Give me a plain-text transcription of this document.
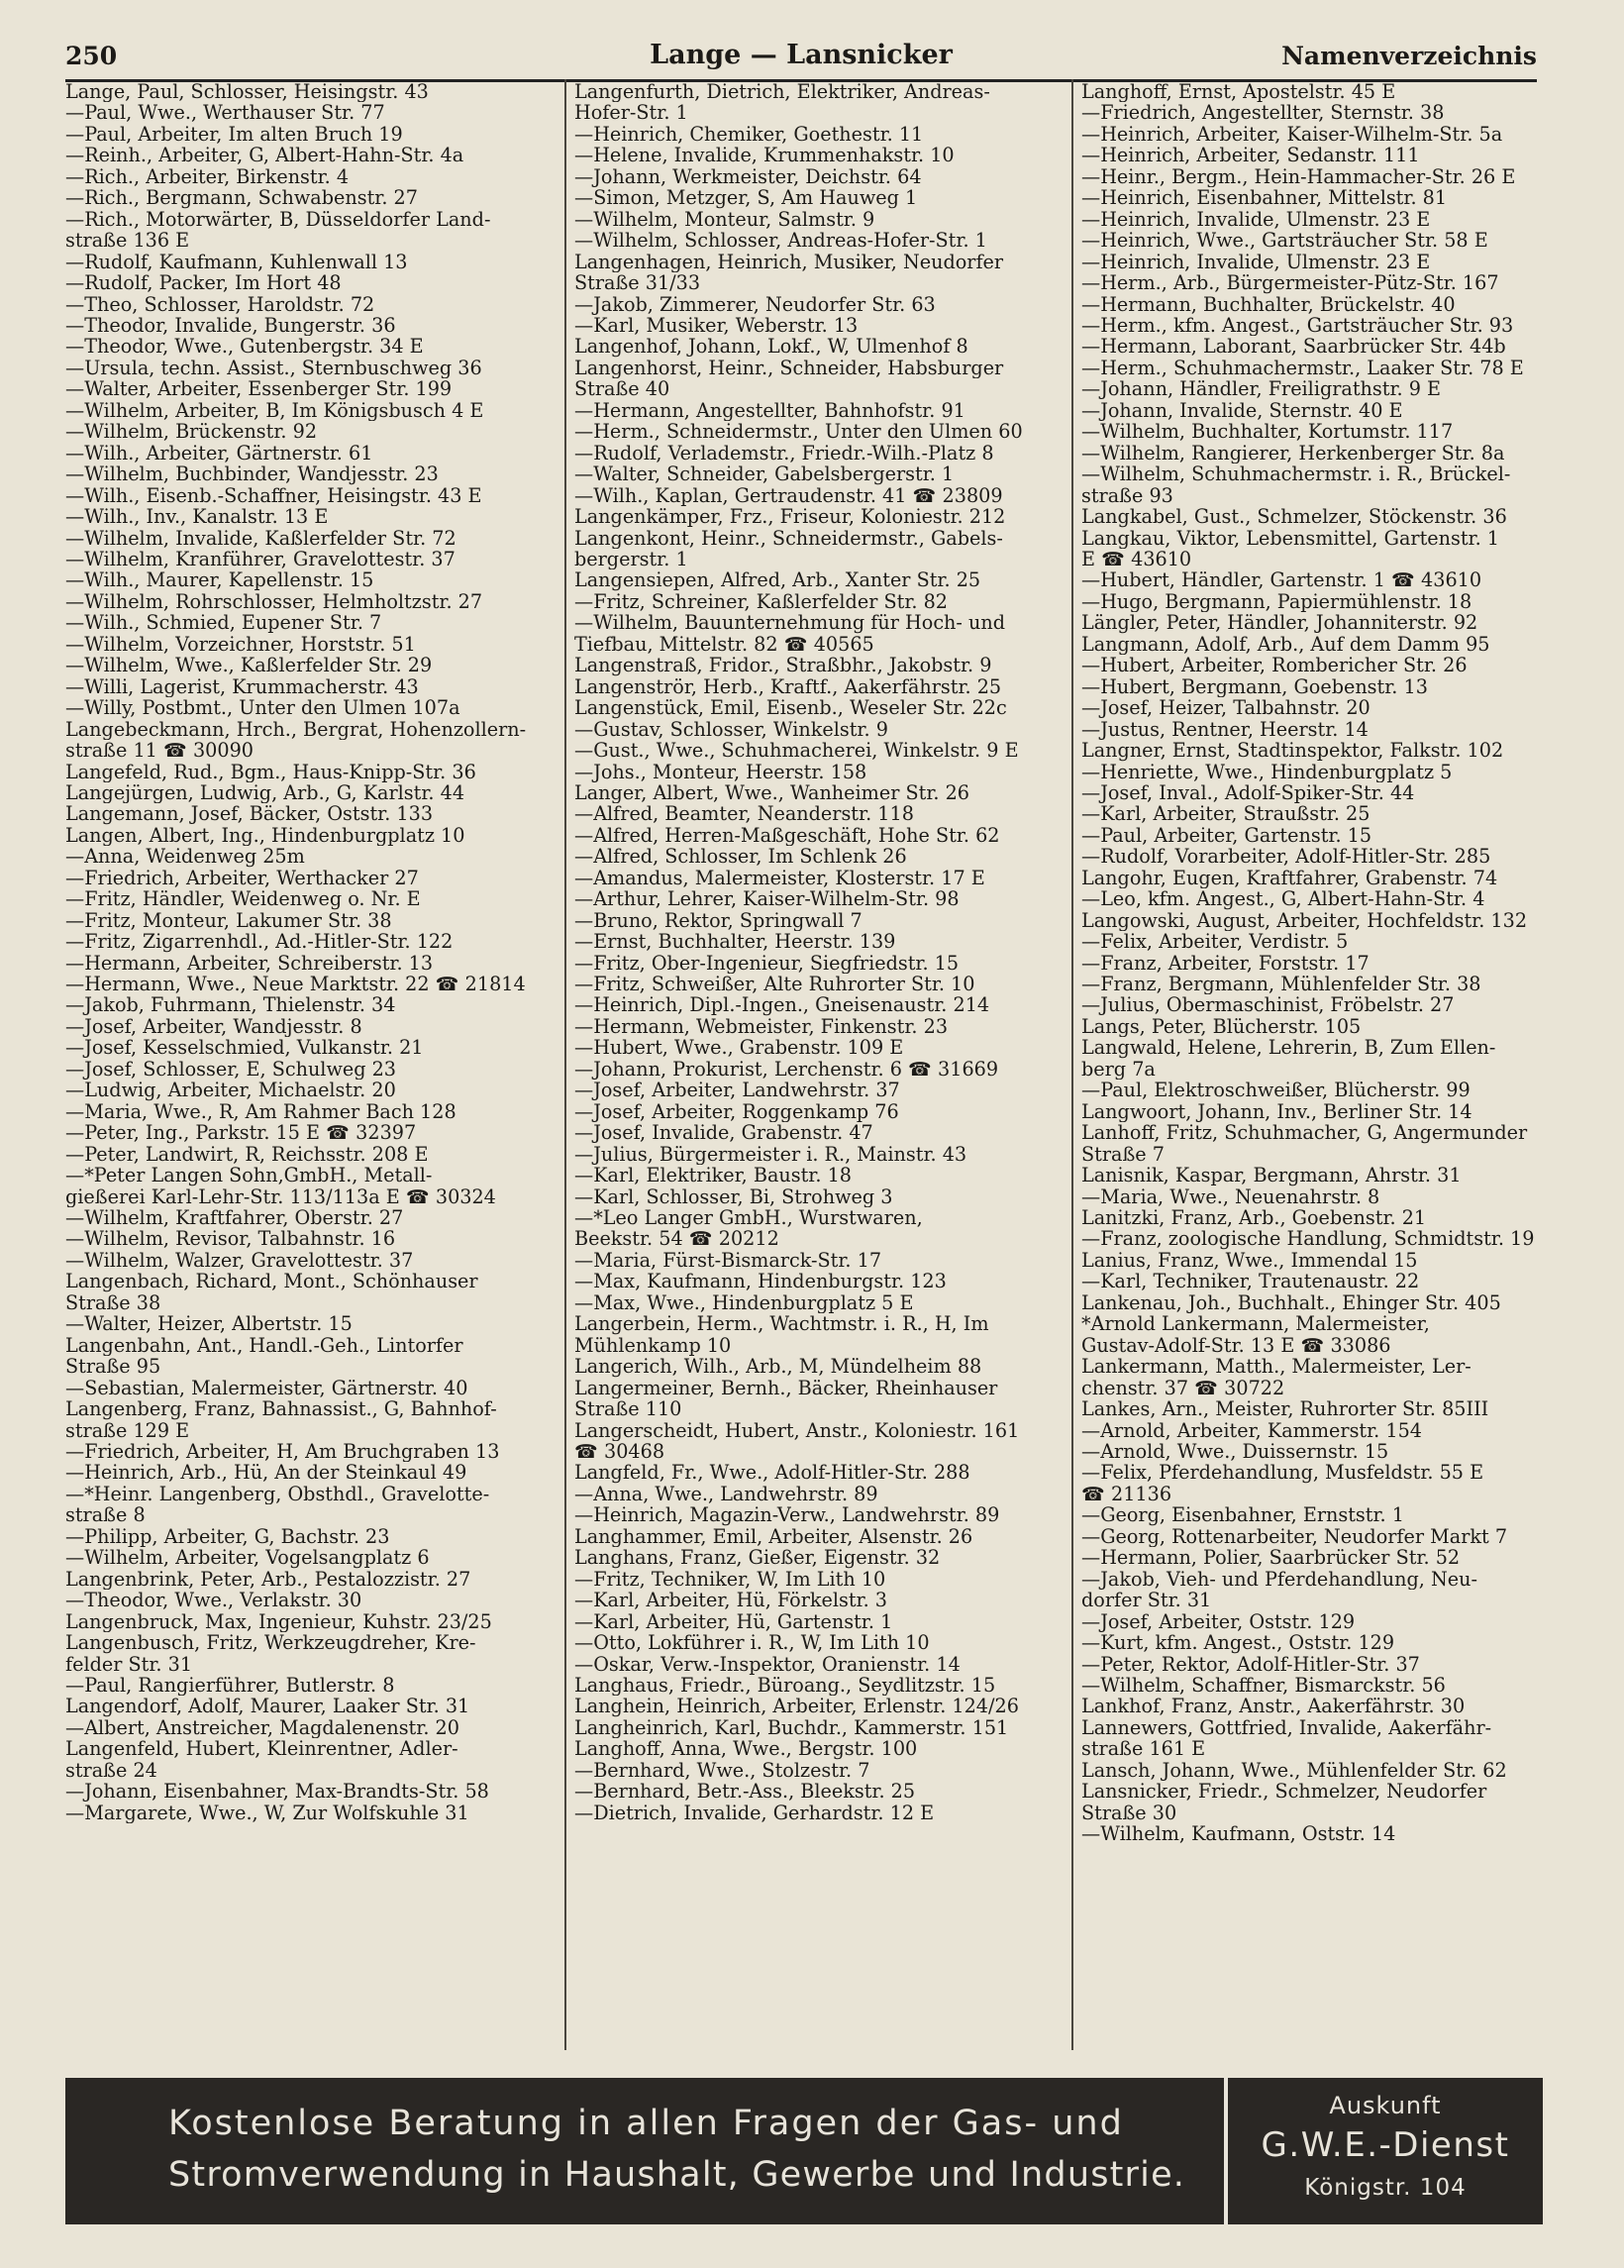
250	Lange — Lansnicker	Namenverzeichnis
Lange, Paul, Schlosser, Heisingstr. 43
—Paul, Wwe., Werthauser Str. 77
—Paul, Arbeiter, Im alten Bruch 19
—Reinh., Arbeiter, G, Albert-Hahn-Str. 4a
—Rich., Arbeiter, Birkenstr. 4
—Rich., Bergmann, Schwabenstr. 27
—Rich., Motorwärter, B, Düsseldorfer Land-
straße 136 E
—Rudolf, Kaufmann, Kuhlenwall 13
—Rudolf, Packer, Im Hort 48
—Theo, Schlosser, Haroldstr. 72
—Theodor, Invalide, Bungerstr. 36
—Theodor, Wwe., Gutenbergstr. 34 E
—Ursula, techn. Assist., Sternbuschweg 36
—Walter, Arbeiter, Essenberger Str. 199
—Wilhelm, Arbeiter, B, Im Königsbusch 4 E
—Wilhelm, Brückenstr. 92
—Wilh., Arbeiter, Gärtnerstr. 61
—Wilhelm, Buchbinder, Wandjesstr. 23
—Wilh., Eisenb.-Schaffner, Heisingstr. 43 E
—Wilh., Inv., Kanalstr. 13 E
—Wilhelm, Invalide, Kaßlerfelder Str. 72
—Wilhelm, Kranführer, Gravelottestr. 37
—Wilh., Maurer, Kapellenstr. 15
—Wilhelm, Rohrschlosser, Helmholtzstr. 27
—Wilh., Schmied, Eupener Str. 7
—Wilhelm, Vorzeichner, Horststr. 51
—Wilhelm, Wwe., Kaßlerfelder Str. 29
—Willi, Lagerist, Krummacherstr. 43
—Willy, Postbmt., Unter den Ulmen 107a
Langebeckmann, Hrch., Bergrat, Hohenzollern-
straße 11 ☎ 30090
Langefeld, Rud., Bgm., Haus-Knipp-Str. 36
Langejürgen, Ludwig, Arb., G, Karlstr. 44
Langemann, Josef, Bäcker, Oststr. 133
Langen, Albert, Ing., Hindenburgplatz 10
—Anna, Weidenweg 25m
—Friedrich, Arbeiter, Werthacker 27
—Fritz, Händler, Weidenweg o. Nr. E
—Fritz, Monteur, Lakumer Str. 38
—Fritz, Zigarrenhdl., Ad.-Hitler-Str. 122
—Hermann, Arbeiter, Schreiberstr. 13
—Hermann, Wwe., Neue Marktstr. 22 ☎ 21814
—Jakob, Fuhrmann, Thielenstr. 34
—Josef, Arbeiter, Wandjesstr. 8
—Josef, Kesselschmied, Vulkanstr. 21
—Josef, Schlosser, E, Schulweg 23
—Ludwig, Arbeiter, Michaelstr. 20
—Maria, Wwe., R, Am Rahmer Bach 128
—Peter, Ing., Parkstr. 15 E ☎ 32397
—Peter, Landwirt, R, Reichsstr. 208 E
—*Peter Langen Sohn,GmbH., Metall-
gießerei Karl-Lehr-Str. 113/113a E ☎ 30324
—Wilhelm, Kraftfahrer, Oberstr. 27
—Wilhelm, Revisor, Talbahnstr. 16
—Wilhelm, Walzer, Gravelottestr. 37
Langenbach, Richard, Mont., Schönhauser
Straße 38
—Walter, Heizer, Albertstr. 15
Langenbahn, Ant., Handl.-Geh., Lintorfer
Straße 95
—Sebastian, Malermeister, Gärtnerstr. 40
Langenberg, Franz, Bahnassist., G, Bahnhof-
straße 129 E
—Friedrich, Arbeiter, H, Am Bruchgraben 13
—Heinrich, Arb., Hü, An der Steinkaul 49
—*Heinr. Langenberg, Obsthdl., Gravelotte-
straße 8
—Philipp, Arbeiter, G, Bachstr. 23
—Wilhelm, Arbeiter, Vogelsangplatz 6
Langenbrink, Peter, Arb., Pestalozzistr. 27
—Theodor, Wwe., Verlakstr. 30
Langenbruck, Max, Ingenieur, Kuhstr. 23/25
Langenbusch, Fritz, Werkzeugdreher, Kre-
felder Str. 31
—Paul, Rangierführer, Butlerstr. 8
Langendorf, Adolf, Maurer, Laaker Str. 31
—Albert, Anstreicher, Magdalenenstr. 20
Langenfeld, Hubert, Kleinrentner, Adler-
straße 24
—Johann, Eisenbahner, Max-Brandts-Str. 58
—Margarete, Wwe., W, Zur Wolfskuhle 31
Langenfurth, Dietrich, Elektriker, Andreas-
Hofer-Str. 1
—Heinrich, Chemiker, Goethestr. 11
—Helene, Invalide, Krummenhakstr. 10
—Johann, Werkmeister, Deichstr. 64
—Simon, Metzger, S, Am Hauweg 1
—Wilhelm, Monteur, Salmstr. 9
—Wilhelm, Schlosser, Andreas-Hofer-Str. 1
Langenhagen, Heinrich, Musiker, Neudorfer
Straße 31/33
—Jakob, Zimmerer, Neudorfer Str. 63
—Karl, Musiker, Weberstr. 13
Langenhof, Johann, Lokf., W, Ulmenhof 8
Langenhorst, Heinr., Schneider, Habsburger
Straße 40
—Hermann, Angestellter, Bahnhofstr. 91
—Herm., Schneidermstr., Unter den Ulmen 60
—Rudolf, Verlademstr., Friedr.-Wilh.-Platz 8
—Walter, Schneider, Gabelsbergerstr. 1
—Wilh., Kaplan, Gertraudenstr. 41 ☎ 23809
Langenkämper, Frz., Friseur, Koloniestr. 212
Langenkont, Heinr., Schneidermstr., Gabels-
bergerstr. 1
Langensiepen, Alfred, Arb., Xanter Str. 25
—Fritz, Schreiner, Kaßlerfelder Str. 82
—Wilhelm, Bauunternehmung für Hoch- und
Tiefbau, Mittelstr. 82 ☎ 40565
Langenstraß, Fridor., Straßbhr., Jakobstr. 9
Langenströr, Herb., Kraftf., Aakerfährstr. 25
Langenstück, Emil, Eisenb., Weseler Str. 22c
—Gustav, Schlosser, Winkelstr. 9
—Gust., Wwe., Schuhmacherei, Winkelstr. 9 E
—Johs., Monteur, Heerstr. 158
Langer, Albert, Wwe., Wanheimer Str. 26
—Alfred, Beamter, Neanderstr. 118
—Alfred, Herren-Maßgeschäft, Hohe Str. 62
—Alfred, Schlosser, Im Schlenk 26
—Amandus, Malermeister, Klosterstr. 17 E
—Arthur, Lehrer, Kaiser-Wilhelm-Str. 98
—Bruno, Rektor, Springwall 7
—Ernst, Buchhalter, Heerstr. 139
—Fritz, Ober-Ingenieur, Siegfriedstr. 15
—Fritz, Schweißer, Alte Ruhrorter Str. 10
—Heinrich, Dipl.-Ingen., Gneisenaustr. 214
—Hermann, Webmeister, Finkenstr. 23
—Hubert, Wwe., Grabenstr. 109 E
—Johann, Prokurist, Lerchenstr. 6 ☎ 31669
—Josef, Arbeiter, Landwehrstr. 37
—Josef, Arbeiter, Roggenkamp 76
—Josef, Invalide, Grabenstr. 47
—Julius, Bürgermeister i. R., Mainstr. 43
—Karl, Elektriker, Baustr. 18
—Karl, Schlosser, Bi, Strohweg 3
—*Leo Langer GmbH., Wurstwaren,
Beekstr. 54 ☎ 20212
—Maria, Fürst-Bismarck-Str. 17
—Max, Kaufmann, Hindenburgstr. 123
—Max, Wwe., Hindenburgplatz 5 E
Langerbein, Herm., Wachtmstr. i. R., H, Im
Mühlenkamp 10
Langerich, Wilh., Arb., M, Mündelheim 88
Langermeiner, Bernh., Bäcker, Rheinhauser
Straße 110
Langerscheidt, Hubert, Anstr., Koloniestr. 161
☎ 30468
Langfeld, Fr., Wwe., Adolf-Hitler-Str. 288
—Anna, Wwe., Landwehrstr. 89
—Heinrich, Magazin-Verw., Landwehrstr. 89
Langhammer, Emil, Arbeiter, Alsenstr. 26
Langhans, Franz, Gießer, Eigenstr. 32
—Fritz, Techniker, W, Im Lith 10
—Karl, Arbeiter, Hü, Förkelstr. 3
—Karl, Arbeiter, Hü, Gartenstr. 1
—Otto, Lokführer i. R., W, Im Lith 10
—Oskar, Verw.-Inspektor, Oranienstr. 14
Langhaus, Friedr., Büroang., Seydlitzstr. 15
Langhein, Heinrich, Arbeiter, Erlenstr. 124/26
Langheinrich, Karl, Buchdr., Kammerstr. 151
Langhoff, Anna, Wwe., Bergstr. 100
—Bernhard, Wwe., Stolzestr. 7
—Bernhard, Betr.-Ass., Bleekstr. 25
—Dietrich, Invalide, Gerhardstr. 12 E
Langhoff, Ernst, Apostelstr. 45 E
—Friedrich, Angestellter, Sternstr. 38
—Heinrich, Arbeiter, Kaiser-Wilhelm-Str. 5a
—Heinrich, Arbeiter, Sedanstr. 111
—Heinr., Bergm., Hein-Hammacher-Str. 26 E
—Heinrich, Eisenbahner, Mittelstr. 81
—Heinrich, Invalide, Ulmenstr. 23 E
—Heinrich, Wwe., Gartsträucher Str. 58 E
—Heinrich, Invalide, Ulmenstr. 23 E
—Herm., Arb., Bürgermeister-Pütz-Str. 167
—Hermann, Buchhalter, Brückelstr. 40
—Herm., kfm. Angest., Gartsträucher Str. 93
—Hermann, Laborant, Saarbrücker Str. 44b
—Herm., Schuhmachermstr., Laaker Str. 78 E
—Johann, Händler, Freiligrathstr. 9 E
—Johann, Invalide, Sternstr. 40 E
—Wilhelm, Buchhalter, Kortumstr. 117
—Wilhelm, Rangierer, Herkenberger Str. 8a
—Wilhelm, Schuhmachermstr. i. R., Brückel-
straße 93
Langkabel, Gust., Schmelzer, Stöckenstr. 36
Langkau, Viktor, Lebensmittel, Gartenstr. 1
E ☎ 43610
—Hubert, Händler, Gartenstr. 1 ☎ 43610
—Hugo, Bergmann, Papiermühlenstr. 18
Längler, Peter, Händler, Johanniterstr. 92
Langmann, Adolf, Arb., Auf dem Damm 95
—Hubert, Arbeiter, Rombericher Str. 26
—Hubert, Bergmann, Goebenstr. 13
—Josef, Heizer, Talbahnstr. 20
—Justus, Rentner, Heerstr. 14
Langner, Ernst, Stadtinspektor, Falkstr. 102
—Henriette, Wwe., Hindenburgplatz 5
—Josef, Inval., Adolf-Spiker-Str. 44
—Karl, Arbeiter, Straußstr. 25
—Paul, Arbeiter, Gartenstr. 15
—Rudolf, Vorarbeiter, Adolf-Hitler-Str. 285
Langohr, Eugen, Kraftfahrer, Grabenstr. 74
—Leo, kfm. Angest., G, Albert-Hahn-Str. 4
Langowski, August, Arbeiter, Hochfeldstr. 132
—Felix, Arbeiter, Verdistr. 5
—Franz, Arbeiter, Forststr. 17
—Franz, Bergmann, Mühlenfelder Str. 38
—Julius, Obermaschinist, Fröbelstr. 27
Langs, Peter, Blücherstr. 105
Langwald, Helene, Lehrerin, B, Zum Ellen-
berg 7a
—Paul, Elektroschweißer, Blücherstr. 99
Langwoort, Johann, Inv., Berliner Str. 14
Lanhoff, Fritz, Schuhmacher, G, Angermunder
Straße 7
Lanisnik, Kaspar, Bergmann, Ahrstr. 31
—Maria, Wwe., Neuenahrstr. 8
Lanitzki, Franz, Arb., Goebenstr. 21
—Franz, zoologische Handlung, Schmidtstr. 19
Lanius, Franz, Wwe., Immendal 15
—Karl, Techniker, Trautenaustr. 22
Lankenau, Joh., Buchhalt., Ehinger Str. 405
*Arnold Lankermann, Malermeister,
Gustav-Adolf-Str. 13 E ☎ 33086
Lankermann, Matth., Malermeister, Ler-
chenstr. 37 ☎ 30722
Lankes, Arn., Meister, Ruhrorter Str. 85III
—Arnold, Arbeiter, Kammerstr. 154
—Arnold, Wwe., Duissernstr. 15
—Felix, Pferdehandlung, Musfeldstr. 55 E
☎ 21136
—Georg, Eisenbahner, Ernststr. 1
—Georg, Rottenarbeiter, Neudorfer Markt 7
—Hermann, Polier, Saarbrücker Str. 52
—Jakob, Vieh- und Pferdehandlung, Neu-
dorfer Str. 31
—Josef, Arbeiter, Oststr. 129
—Kurt, kfm. Angest., Oststr. 129
—Peter, Rektor, Adolf-Hitler-Str. 37
—Wilhelm, Schaffner, Bismarckstr. 56
Lankhof, Franz, Anstr., Aakerfährstr. 30
Lannewers, Gottfried, Invalide, Aakerfähr-
straße 161 E
Lansch, Johann, Wwe., Mühlenfelder Str. 62
Lansnicker, Friedr., Schmelzer, Neudorfer
Straße 30
—Wilhelm, Kaufmann, Oststr. 14
Kostenlose Beratung in allen Fragen der Gas- und
Stromverwendung in Haushalt, Gewerbe und Industrie.
Auskunft
G.W.E.-Dienst
Königstr. 104
